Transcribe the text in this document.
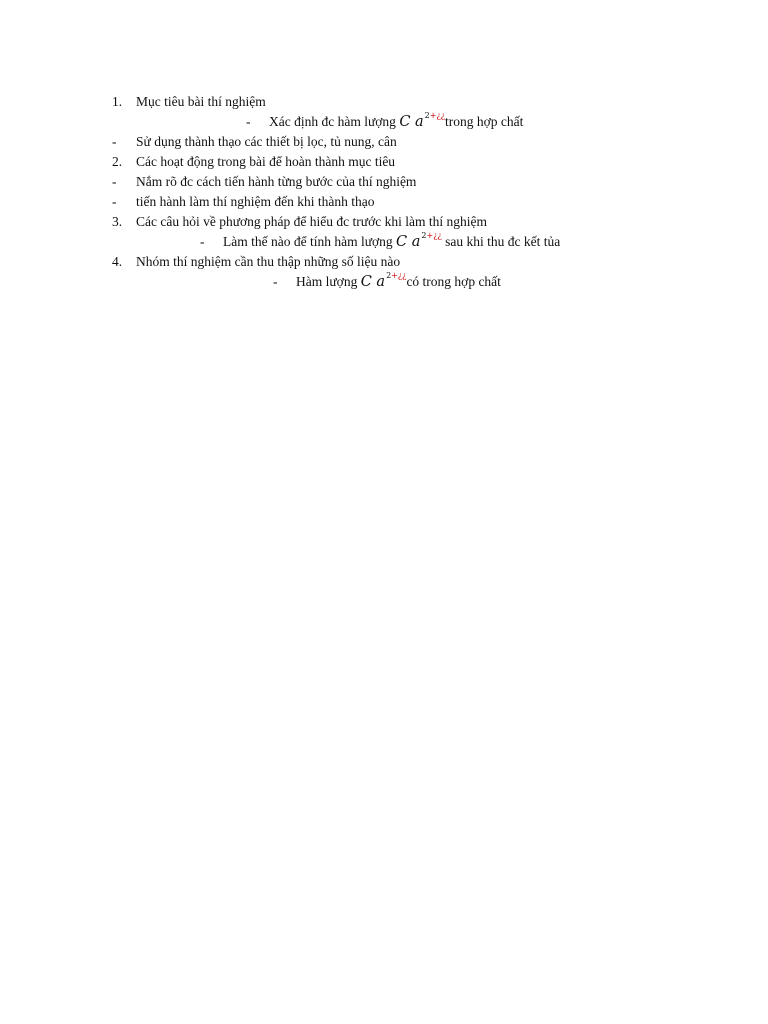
1. Mục tiêu bài thí nghiệm
- Xác định đc hàm lượng C $a^{2+¿¿}trong$ hợp chất
- Sử dụng thành thạo các thiết bị lọc, tủ nung, cân
2. Các hoạt động trong bài để hoàn thành mục tiêu
- Nắm rõ đc cách tiến hành từng bước của thí nghiệm
- tiến hành làm thí nghiệm đến khi thành thạo
3. Các câu hỏi về phương pháp để hiểu đc trước khi làm thí nghiệm
- Làm thế nào để tính hàm lượng C $a^{2+¿¿}$ sau khi thu đc kết tủa
4. Nhóm thí nghiệm cần thu thập những số liệu nào
- Hàm lượng C $a^{2+¿¿}có$ trong hợp chất
